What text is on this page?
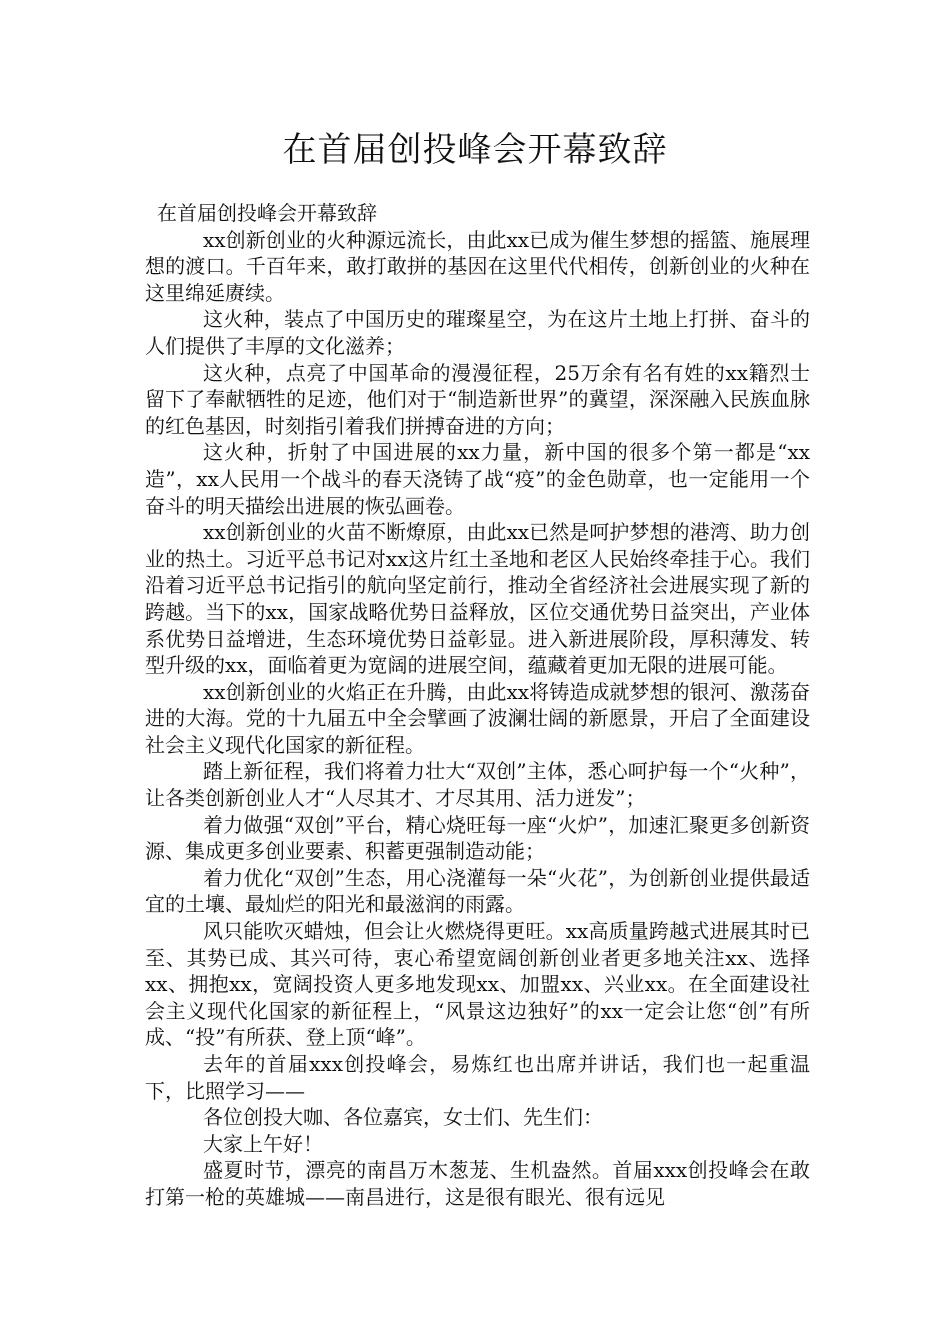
在首届创投峰会开幕致辞

在首届创投峰会开幕致辞

xx创新创业的火种源远流长，由此xx已成为催生梦想的摇篮、施展理想的渡口。千百年来，敢打敢拼的基因在这里代代相传，创新创业的火种在这里绵延赓续。

这火种，装点了中国历史的璀璨星空，为在这片土地上打拼、奋斗的人们提供了丰厚的文化滋养；

这火种，点亮了中国革命的漫漫征程，25万余有名有姓的xx籍烈士留下了奉献牺牲的足迹，他们对于“制造新世界”的冀望，深深融入民族血脉的红色基因，时刻指引着我们拼搏奋进的方向；

这火种，折射了中国进展的xx力量，新中国的很多个第一都是“xx造”，xx人民用一个战斗的春天浇铸了战“疫”的金色勋章，也一定能用一个奋斗的明天描绘出进展的恢弘画卷。

xx创新创业的火苗不断燎原，由此xx已然是呵护梦想的港湾、助力创业的热土。习近平总书记对xx这片红土圣地和老区人民始终牵挂于心。我们沿着习近平总书记指引的航向坚定前行，推动全省经济社会进展实现了新的跨越。当下的xx，国家战略优势日益释放，区位交通优势日益突出，产业体系优势日益增进，生态环境优势日益彰显。进入新进展阶段，厚积薄发、转型升级的xx，面临着更为宽阔的进展空间，蕴藏着更加无限的进展可能。

xx创新创业的火焰正在升腾，由此xx将铸造成就梦想的银河、激荡奋进的大海。党的十九届五中全会擘画了波澜壮阔的新愿景，开启了全面建设社会主义现代化国家的新征程。

踏上新征程，我们将着力壮大“双创”主体，悉心呵护每一个“火种”，让各类创新创业人才“人尽其才、才尽其用、活力迸发”；

着力做强“双创”平台，精心烧旺每一座“火炉”，加速汇聚更多创新资源、集成更多创业要素、积蓄更强制造动能；

着力优化“双创”生态，用心浇灌每一朵“火花”，为创新创业提供最适宜的土壤、最灿烂的阳光和最滋润的雨露。

风只能吹灭蜡烛，但会让火燃烧得更旺。xx高质量跨越式进展其时已至、其势已成、其兴可待，衷心希望宽阔创新创业者更多地关注xx、选择xx、拥抱xx，宽阔投资人更多地发现xx、加盟xx、兴业xx。在全面建设社会主义现代化国家的新征程上，“风景这边独好”的xx一定会让您“创”有所成、“投”有所获、登上顶“峰”。

去年的首届xxx创投峰会，易炼红也出席并讲话，我们也一起重温下，比照学习——

各位创投大咖、各位嘉宾，女士们、先生们：

大家上午好！

盛夏时节，漂亮的南昌万木葱茏、生机盎然。首届xxx创投峰会在敢打第一枪的英雄城——南昌进行，这是很有眼光、很有远见
